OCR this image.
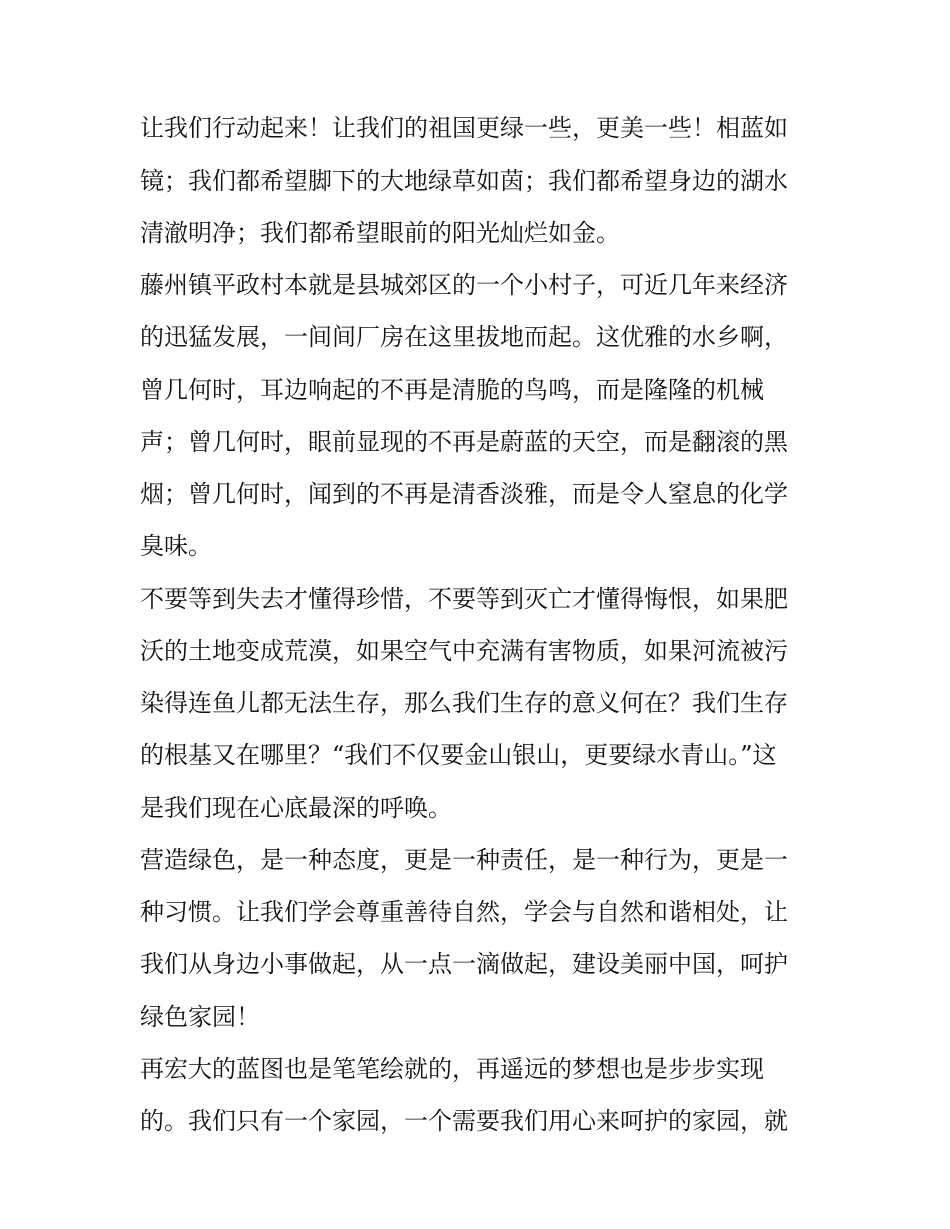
让我们行动起来！让我们的祖国更绿一些，更美一些！相蓝如
镜；我们都希望脚下的大地绿草如茵；我们都希望身边的湖水
清澈明净；我们都希望眼前的阳光灿烂如金。
藤州镇平政村本就是县城郊区的一个小村子，可近几年来经济
的迅猛发展，一间间厂房在这里拔地而起。这优雅的水乡啊，
曾几何时，耳边响起的不再是清脆的鸟鸣，而是隆隆的机械
声；曾几何时，眼前显现的不再是蔚蓝的天空，而是翻滚的黑
烟；曾几何时，闻到的不再是清香淡雅，而是令人窒息的化学
臭味。
不要等到失去才懂得珍惜，不要等到灭亡才懂得悔恨，如果肥
沃的土地变成荒漠，如果空气中充满有害物质，如果河流被污
染得连鱼儿都无法生存，那么我们生存的意义何在？我们生存
的根基又在哪里？“我们不仅要金山银山，更要绿水青山。”这
是我们现在心底最深的呼唤。
营造绿色，是一种态度，更是一种责任，是一种行为，更是一
种习惯。让我们学会尊重善待自然，学会与自然和谐相处，让
我们从身边小事做起，从一点一滴做起，建设美丽中国，呵护
绿色家园！
再宏大的蓝图也是笔笔绘就的，再遥远的梦想也是步步实现
的。我们只有一个家园，一个需要我们用心来呵护的家园，就
